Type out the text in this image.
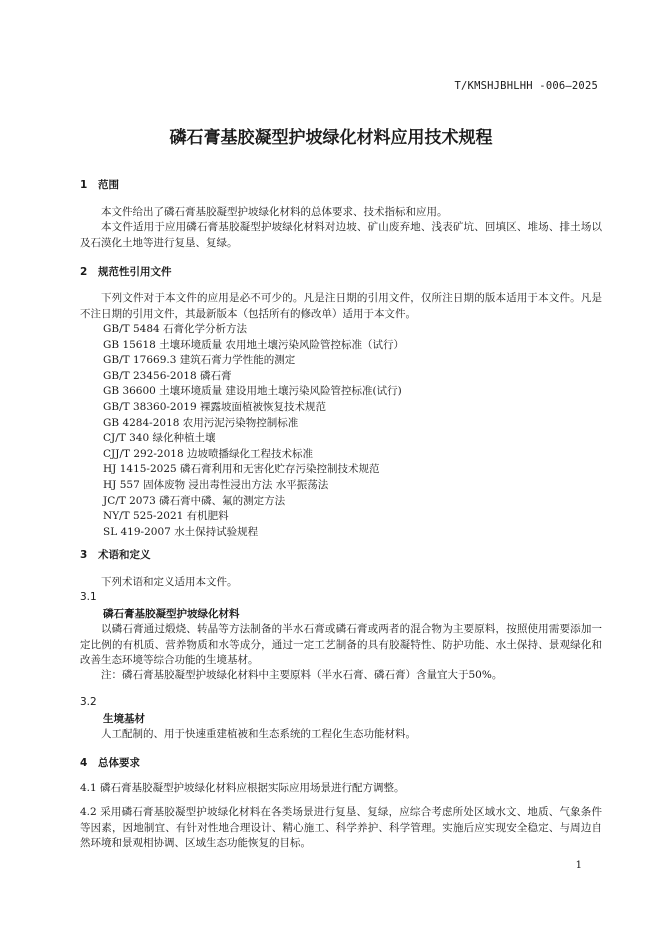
T/KMSHJBHLHH -006—2025
磷石膏基胶凝型护坡绿化材料应用技术规程
1 范围
本文件给出了磷石膏基胶凝型护坡绿化材料的总体要求、技术指标和应用。
本文件适用于应用磷石膏基胶凝型护坡绿化材料对边坡、矿山废弃地、浅表矿坑、回填区、堆场、排土场以及石漠化土地等进行复垦、复绿。
2 规范性引用文件
下列文件对于本文件的应用是必不可少的。凡是注日期的引用文件，仅所注日期的版本适用于本文件。凡是不注日期的引用文件，其最新版本（包括所有的修改单）适用于本文件。
GB/T 5484 石膏化学分析方法
GB 15618 土壤环境质量 农用地土壤污染风险管控标准（试行）
GB/T 17669.3 建筑石膏力学性能的测定
GB/T 23456-2018 磷石膏
GB 36600 土壤环境质量 建设用地土壤污染风险管控标准(试行)
GB/T 38360-2019 裸露坡面植被恢复技术规范
GB 4284-2018 农用污泥污染物控制标准
CJ/T 340 绿化种植土壤
CJJ/T 292-2018 边坡喷播绿化工程技术标准
HJ 1415-2025 磷石膏利用和无害化贮存污染控制技术规范
HJ 557 固体废物 浸出毒性浸出方法 水平振荡法
JC/T 2073 磷石膏中磷、氟的测定方法
NY/T 525-2021 有机肥料
SL 419-2007 水土保持试验规程
3 术语和定义
下列术语和定义适用本文件。
3.1
磷石膏基胶凝型护坡绿化材料
以磷石膏通过煅烧、转晶等方法制备的半水石膏或磷石膏或两者的混合物为主要原料，按照使用需要添加一定比例的有机质、营养物质和水等成分，通过一定工艺制备的具有胶凝特性、防护功能、水土保持、景观绿化和改善生态环境等综合功能的生境基材。
注：磷石膏基胶凝型护坡绿化材料中主要原料（半水石膏、磷石膏）含量宜大于50%。
3.2
生境基材
人工配制的、用于快速重建植被和生态系统的工程化生态功能材料。
4 总体要求
4.1 磷石膏基胶凝型护坡绿化材料应根据实际应用场景进行配方调整。
4.2 采用磷石膏基胶凝型护坡绿化材料在各类场景进行复垦、复绿，应综合考虑所处区域水文、地质、气象条件等因素，因地制宜、有针对性地合理设计、精心施工、科学养护、科学管理。实施后应实现安全稳定、与周边自然环境和景观相协调、区域生态功能恢复的目标。
1
